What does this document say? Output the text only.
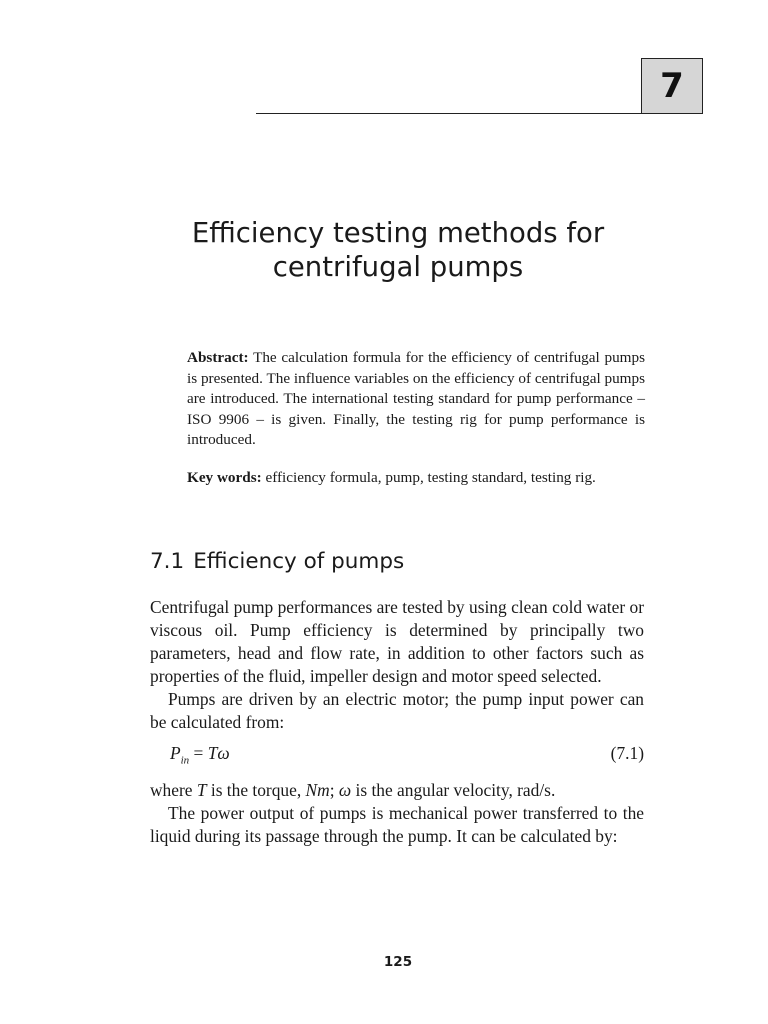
7
Efficiency testing methods for
centrifugal pumps

Abstract: The calculation formula for the efficiency of centrifugal pumps is presented. The influence variables on the efficiency of centrifugal pumps are introduced. The international testing standard for pump performance – ISO 9906 – is given. Finally, the testing rig for pump performance is introduced.

Key words: efficiency formula, pump, testing standard, testing rig.

7.1 Efficiency of pumps

Centrifugal pump performances are tested by using clean cold water or viscous oil. Pump efficiency is determined by principally two parameters, head and flow rate, in addition to other factors such as properties of the fluid, impeller design and motor speed selected.

Pumps are driven by an electric motor; the pump input power can be calculated from:

$P_{in} = T\omega$	(7.1)

where T is the torque, Nm; ω is the angular velocity, rad/s.

The power output of pumps is mechanical power transferred to the liquid during its passage through the pump. It can be calculated by:

125
